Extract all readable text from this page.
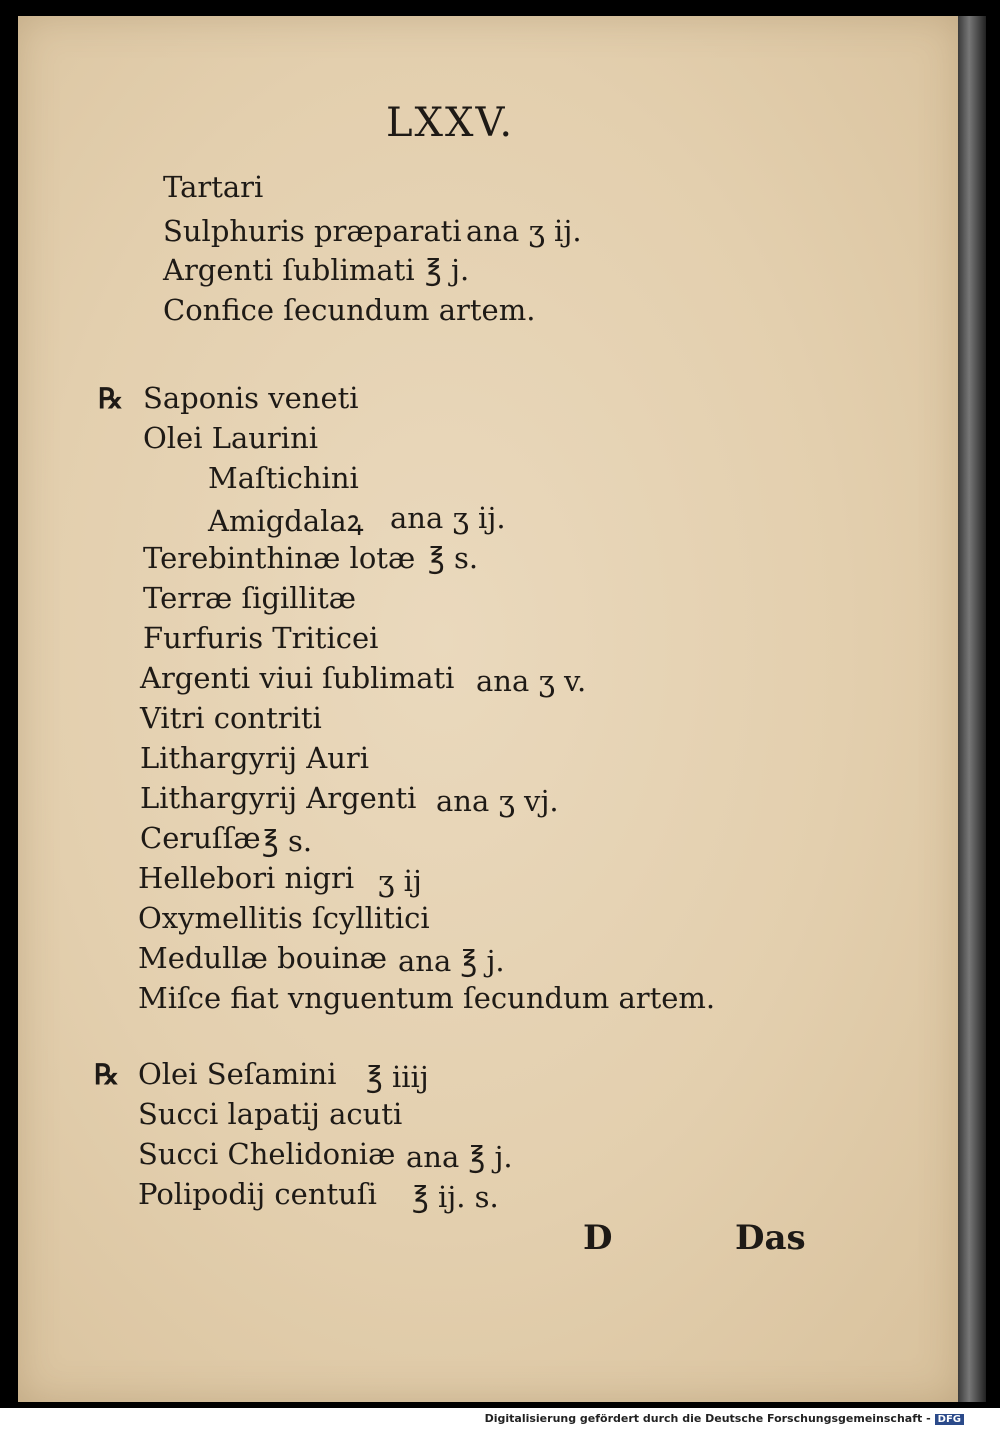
LXXV.
Tartari
Sulphuris præparati ana ʒ ij.
Argenti ſublimati ℥ j.
Confice ſecundum artem.
℞ Saponis veneti
Olei Laurini
Maſtichini
Amigdalaꝝ ana ʒ ij.
Terebinthinæ lotæ ℥ s.
Terræ ſigillitæ
Furfuris Triticei
Argenti viui ſublimati ana ʒ v.
Vitri contriti
Lithargyrij Auri
Lithargyrij Argenti ana ʒ vj.
Ceruſſæ ℥ s.
Hellebori nigri ʒ ij
Oxymellitis ſcyllitici
Medullæ bouinæ ana ℥ j.
Miſce fiat vnguentum ſecundum artem.
℞ Olei Seſamini ℥ iiij
Succi lapatij acuti
Succi Chelidoniæ ana ℥ j.
Polipodij centuſi ℥ ij. s.
D	Das
Digitalisierung gefördert durch die Deutsche Forschungsgemeinschaft - DFG
